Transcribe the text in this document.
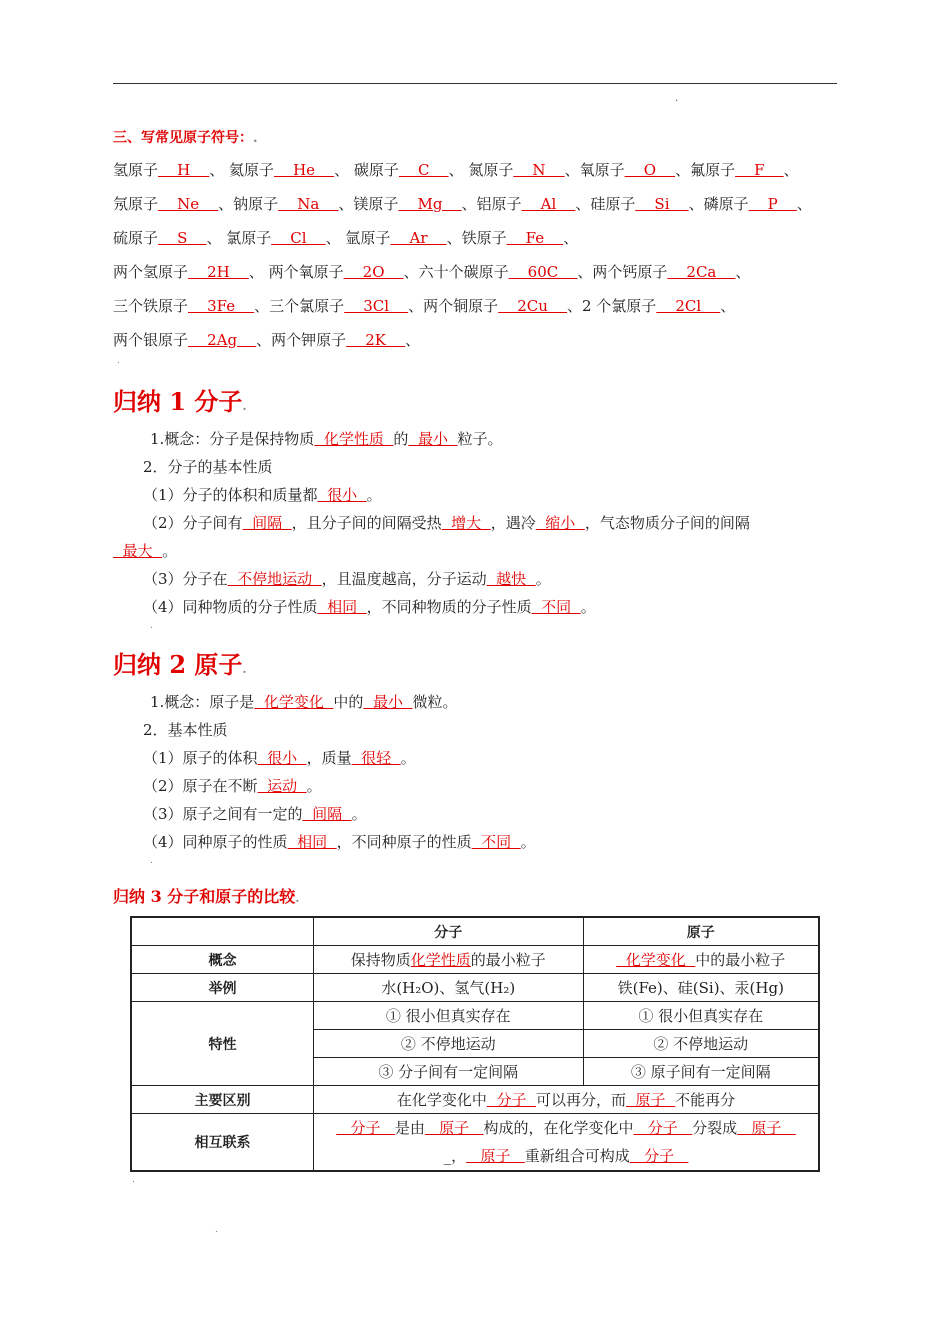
.
三、写常见原子符号：.
氢原子    H    、 氦原子    He    、 碳原子    C    、 氮原子    N    、氧原子    O    、氟原子    F    、
氖原子    Ne    、钠原子    Na    、镁原子    Mg    、铝原子    Al    、硅原子    Si    、磷原子    P    、
硫原子    S    、 氯原子    Cl    、 氩原子    Ar    、铁原子    Fe    、
两个氢原子    2H    、 两个氧原子    2O    、六十个碳原子    60C    、两个钙原子    2Ca    、
三个铁原子    3Fe    、三个氯原子    3Cl    、两个铜原子    2Cu    、2 个氯原子    2Cl    、
两个银原子    2Ag    、两个钾原子    2K    、
.
归纳 1 分子.
1.概念：分子是保持物质  化学性质  的  最小  粒子。
2．分子的基本性质
（1）分子的体积和质量都  很小  。
（2）分子间有  间隔  ，且分子间的间隔受热  增大  ，遇冷  缩小  ，气态物质分子间的间隔
最大  。
（3）分子在  不停地运动  ，且温度越高，分子运动  越快  。
（4）同种物质的分子性质  相同  ，不同种物质的分子性质  不同  。
.
归纳 2 原子.
1.概念：原子是  化学变化  中的  最小  微粒。
2．基本性质
（1）原子的体积  很小  ，质量  很轻  。
（2）原子在不断  运动  。
（3）原子之间有一定的  间隔  。
（4）同种原子的性质  相同  ，不同种原子的性质  不同  。
.
归纳 3 分子和原子的比较.
	分子	原子
概念	保持物质化学性质的最小粒子	化学变化  中的最小粒子
举例	水(H₂O)、氢气(H₂)	铁(Fe)、硅(Si)、汞(Hg)
特性	① 很小但真实存在	① 很小但真实存在
	② 不停地运动	② 不停地运动
	③ 分子间有一定间隔	③ 原子间有一定间隔
主要区别	在化学变化中  分子  可以再分，而  原子  不能再分	
相互联系	分子   是由   原子   构成的，在化学变化中   分子   分裂成   原子
_，   原子   重新组合可构成   分子	
.
.
